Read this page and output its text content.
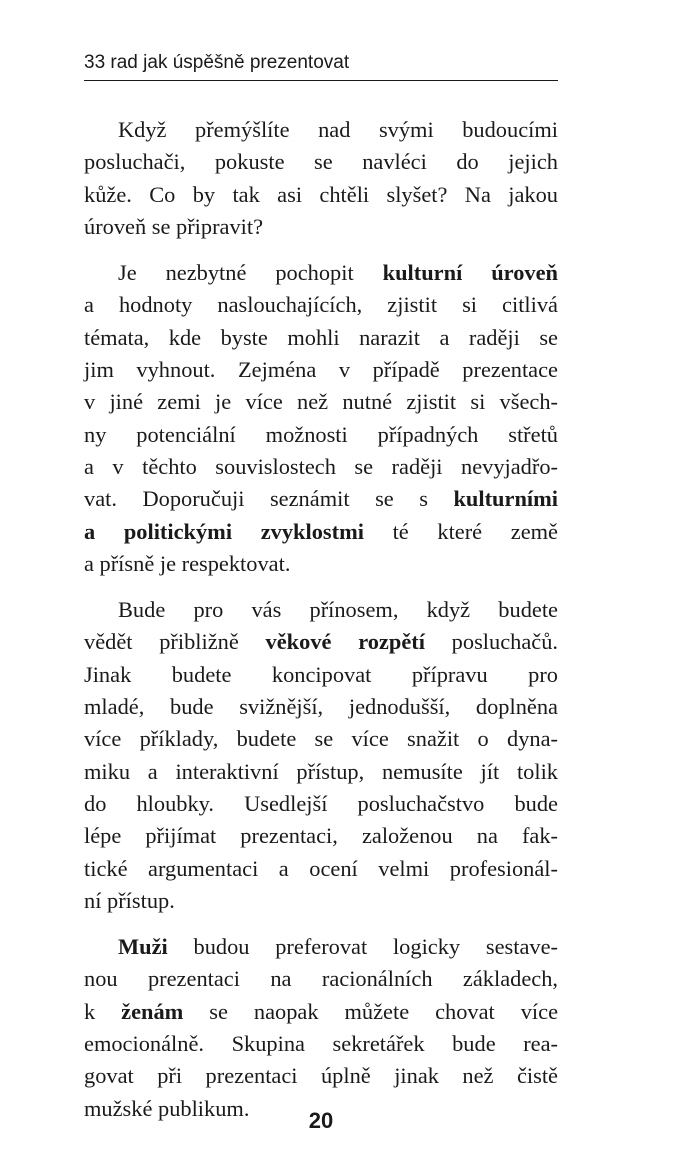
33 rad jak úspěšně prezentovat
Když přemýšlíte nad svými budoucími
posluchači, pokuste se navléci do jejich
kůže. Co by tak asi chtěli slyšet? Na jakou
úroveň se připravit?
Je nezbytné pochopit kulturní úroveň
a hodnoty naslouchajících, zjistit si citlivá
témata, kde byste mohli narazit a raději se
jim vyhnout. Zejména v případě prezentace
v jiné zemi je více než nutné zjistit si všech-
ny potenciální možnosti případných střetů
a v těchto souvislostech se raději nevyjadřo-
vat. Doporučuji seznámit se s kulturními
a politickými zvyklostmi té které země
a přísně je respektovat.
Bude pro vás přínosem, když budete
vědět přibližně věkové rozpětí posluchačů.
Jinak budete koncipovat přípravu pro
mladé, bude svižnější, jednodušší, doplněna
více příklady, budete se více snažit o dyna-
miku a interaktivní přístup, nemusíte jít tolik
do hloubky. Usedlejší posluchačstvo bude
lépe přijímat prezentaci, založenou na fak-
tické argumentaci a ocení velmi profesionál-
ní přístup.
Muži budou preferovat logicky sestave-
nou prezentaci na racionálních základech,
k ženám se naopak můžete chovat více
emocionálně. Skupina sekretářek bude rea-
govat při prezentaci úplně jinak než čistě
mužské publikum.	20
